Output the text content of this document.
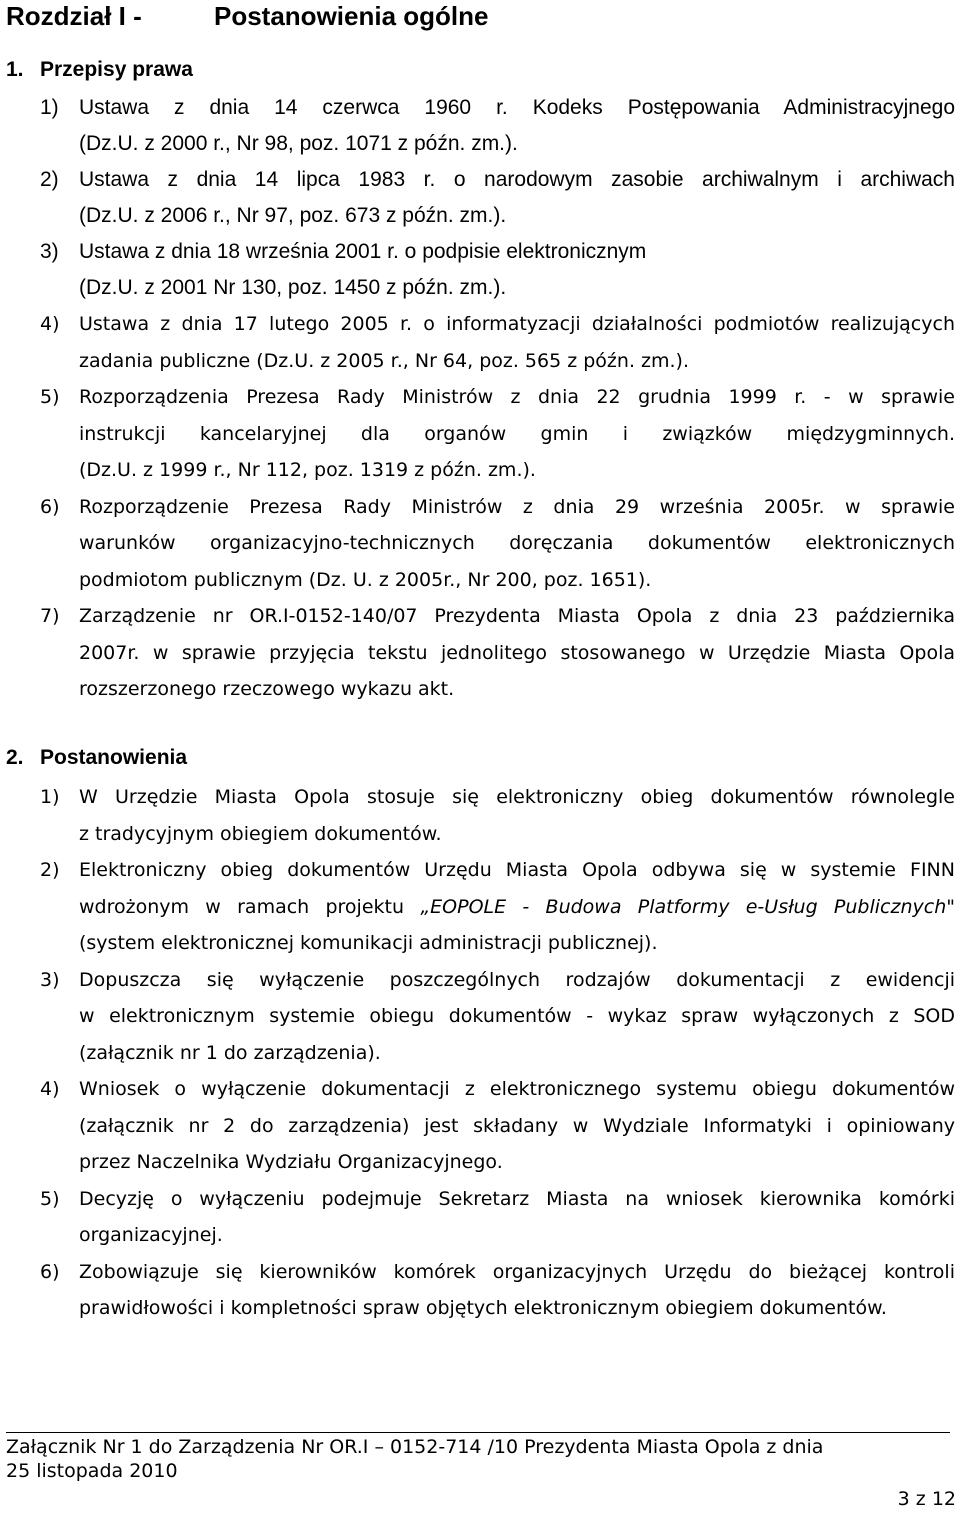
Rozdział I -	Postanowienia ogólne
1. Przepisy prawa
1) Ustawa z dnia 14 czerwca 1960 r. Kodeks Postępowania Administracyjnego
(Dz.U. z 2000 r., Nr 98, poz. 1071 z późn. zm.).
2) Ustawa z dnia 14 lipca 1983 r. o narodowym zasobie archiwalnym i archiwach
(Dz.U. z 2006 r., Nr 97, poz. 673 z późn. zm.).
3) Ustawa z dnia 18 września 2001 r. o podpisie elektronicznym
(Dz.U. z 2001 Nr 130, poz. 1450 z późn. zm.).
4) Ustawa z dnia 17 lutego 2005 r. o informatyzacji działalności podmiotów realizujących
zadania publiczne (Dz.U. z 2005 r., Nr 64, poz. 565 z późn. zm.).
5) Rozporządzenia Prezesa Rady Ministrów z dnia 22 grudnia 1999 r. - w sprawie
instrukcji kancelaryjnej dla organów gmin i związków międzygminnych.
(Dz.U. z 1999 r., Nr 112, poz. 1319 z późn. zm.).
6) Rozporządzenie Prezesa Rady Ministrów z dnia 29 września 2005r. w sprawie
warunków organizacyjno-technicznych doręczania dokumentów elektronicznych
podmiotom publicznym (Dz. U. z 2005r., Nr 200, poz. 1651).
7) Zarządzenie nr OR.I-0152-140/07 Prezydenta Miasta Opola z dnia 23 października
2007r. w sprawie przyjęcia tekstu jednolitego stosowanego w Urzędzie Miasta Opola
rozszerzonego rzeczowego wykazu akt.
2. Postanowienia
1) W Urzędzie Miasta Opola stosuje się elektroniczny obieg dokumentów równolegle
z tradycyjnym obiegiem dokumentów.
2) Elektroniczny obieg dokumentów Urzędu Miasta Opola odbywa się w systemie FINN
wdrożonym w ramach projektu „EOPOLE - Budowa Platformy e-Usług Publicznych"
(system elektronicznej komunikacji administracji publicznej).
3) Dopuszcza się wyłączenie poszczególnych rodzajów dokumentacji z ewidencji
w elektronicznym systemie obiegu dokumentów - wykaz spraw wyłączonych z SOD
(załącznik nr 1 do zarządzenia).
4) Wniosek o wyłączenie dokumentacji z elektronicznego systemu obiegu dokumentów
(załącznik nr 2 do zarządzenia) jest składany w Wydziale Informatyki i opiniowany
przez Naczelnika Wydziału Organizacyjnego.
5) Decyzję o wyłączeniu podejmuje Sekretarz Miasta na wniosek kierownika komórki
organizacyjnej.
6) Zobowiązuje się kierowników komórek organizacyjnych Urzędu do bieżącej kontroli
prawidłowości i kompletności spraw objętych elektronicznym obiegiem dokumentów.
Załącznik Nr 1 do Zarządzenia Nr OR.I – 0152-714 /10 Prezydenta Miasta Opola z dnia 25 listopada 2010
3 z 12
